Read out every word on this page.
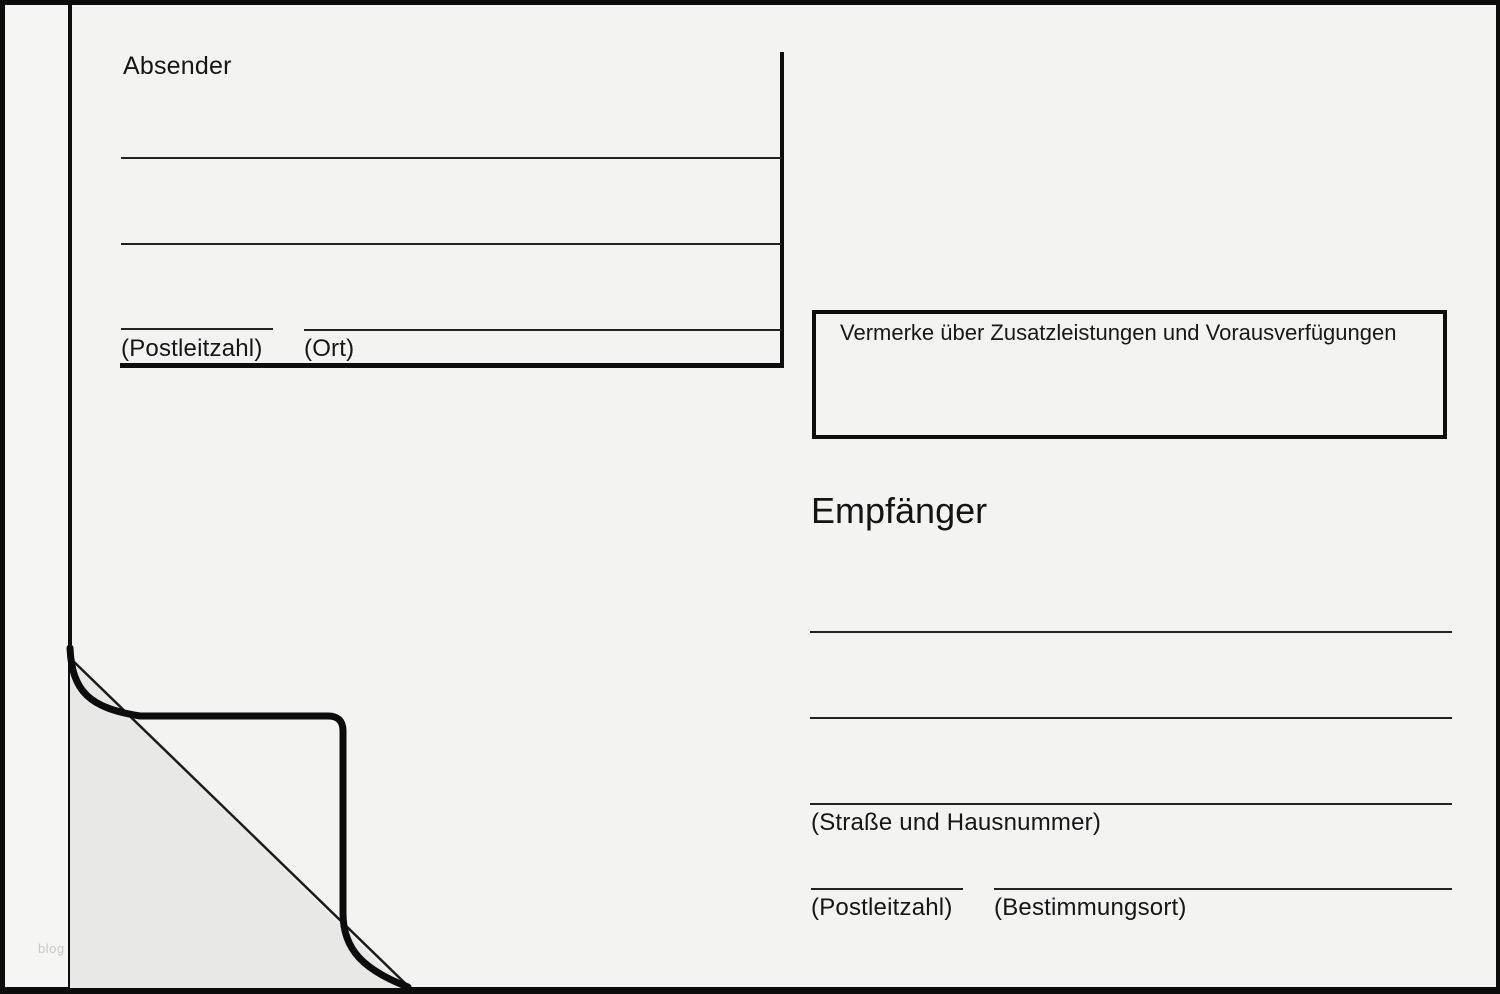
Absender
(Postleitzahl) (Ort)
Vermerke über Zusatzleistungen und Vorausverfügungen
Empfänger
(Straße und Hausnummer)
(Postleitzahl) (Bestimmungsort)
blog
